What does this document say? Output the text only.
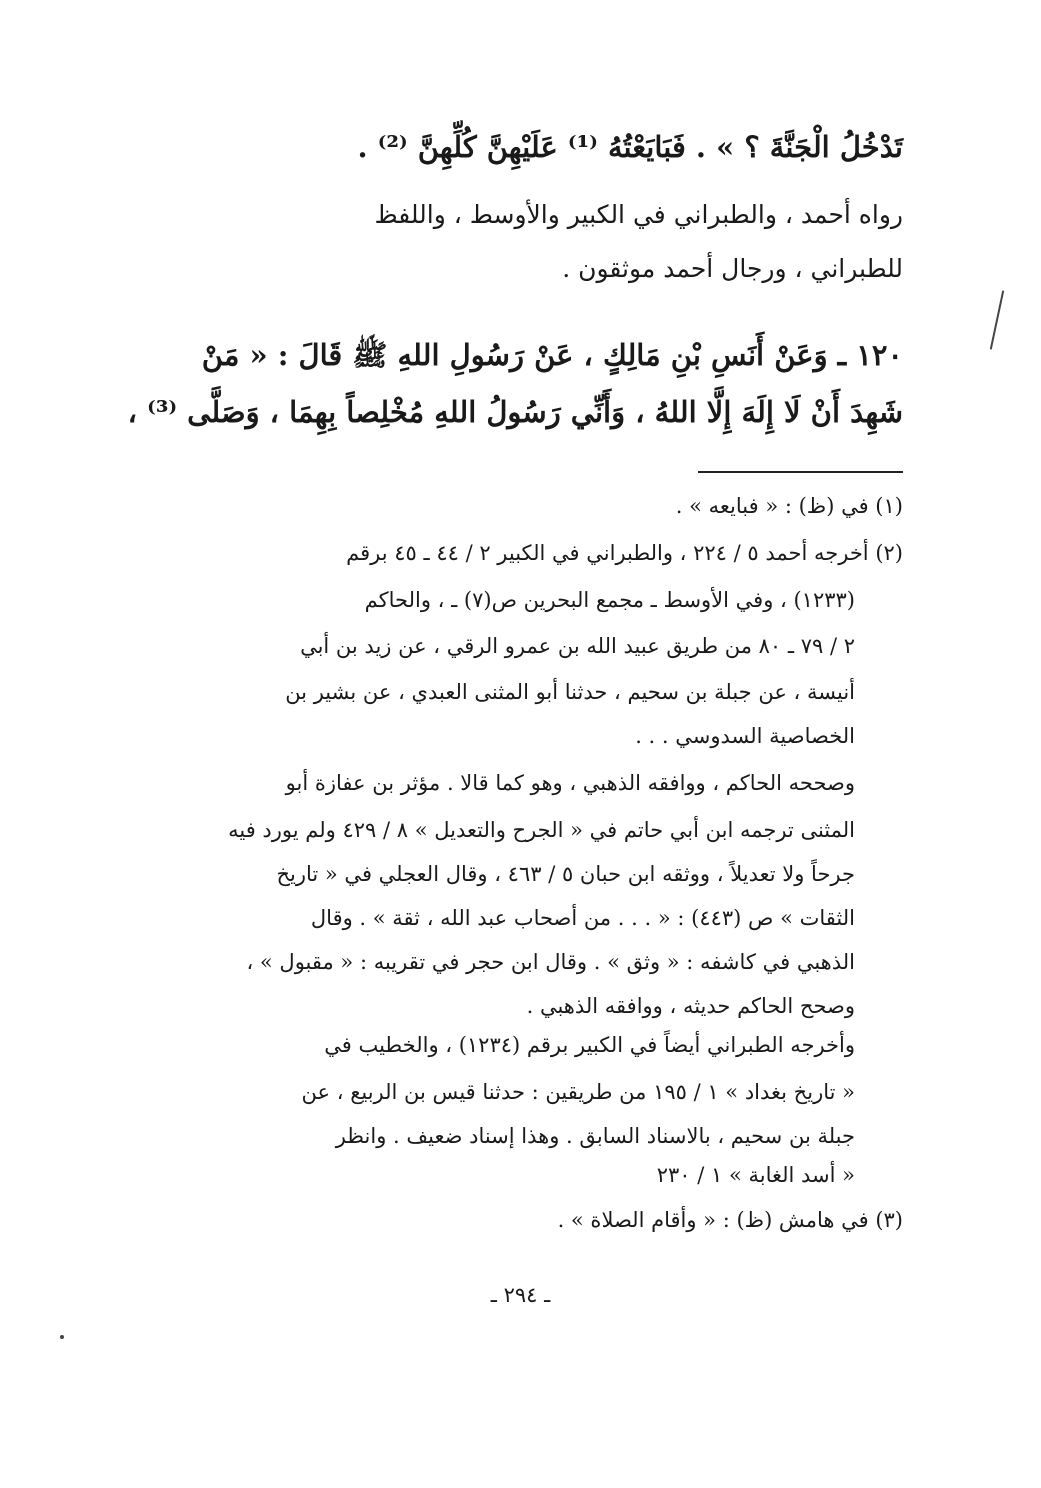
تَدْخُلُ الْجَنَّةَ ؟ » . فَبَايَعْتُهُ ⁽¹⁾ عَلَيْهِنَّ كُلِّهِنَّ ⁽²⁾ .
رواه أحمد ، والطبراني في الكبير والأوسط ، واللفظ
للطبراني ، ورجال أحمد موثقون .
١٢٠ ـ وَعَنْ أَنَسِ بْنِ مَالِكٍ ، عَنْ رَسُولِ اللهِ ﷺ قَالَ : « مَنْ
شَهِدَ أَنْ لَا إِلَهَ إِلَّا اللهُ ، وَأَنِّي رَسُولُ اللهِ مُخْلِصاً بِهِمَا ، وَصَلَّى ⁽³⁾ ،
(١) في (ظ) : « فبايعه » .
(٢) أخرجه أحمد ٥ / ٢٢٤ ، والطبراني في الكبير ٢ / ٤٤ ـ ٤٥ برقم
(١٢٣٣) ، وفي الأوسط ـ مجمع البحرين ص(٧) ـ ، والحاكم
٢ / ٧٩ ـ ٨٠ من طريق عبيد الله بن عمرو الرقي ، عن زيد بن أبي
أنيسة ، عن جبلة بن سحيم ، حدثنا أبو المثنى العبدي ، عن بشير بن
الخصاصية السدوسي . . .
وصححه الحاكم ، ووافقه الذهبي ، وهو كما قالا . مؤثر بن عفازة أبو
المثنى ترجمه ابن أبي حاتم في « الجرح والتعديل » ٨ / ٤٢٩ ولم يورد فيه
جرحاً ولا تعديلاً ، ووثقه ابن حبان ٥ / ٤٦٣ ، وقال العجلي في « تاريخ
الثقات » ص (٤٤٣) : « . . . من أصحاب عبد الله ، ثقة » . وقال
الذهبي في كاشفه : « وثق » . وقال ابن حجر في تقريبه : « مقبول » ،
وصحح الحاكم حديثه ، ووافقه الذهبي .
وأخرجه الطبراني أيضاً في الكبير برقم (١٢٣٤) ، والخطيب في
« تاريخ بغداد » ١ / ١٩٥ من طريقين : حدثنا قيس بن الربيع ، عن
جبلة بن سحيم ، بالاسناد السابق . وهذا إسناد ضعيف . وانظر
« أسد الغابة » ١ / ٢٣٠
(٣) في هامش (ظ) : « وأقام الصلاة » .
ـ ٢٩٤ ـ
